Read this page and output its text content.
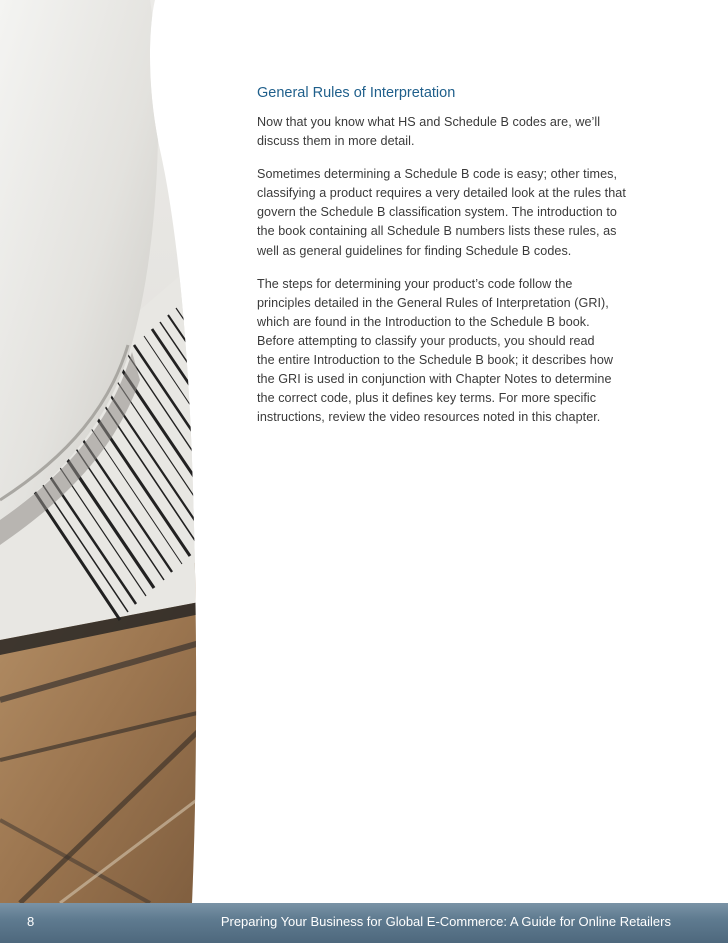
General Rules of Interpretation

Now that you know what HS and Schedule B codes are, we’ll
discuss them in more detail.

Sometimes determining a Schedule B code is easy; other times,
classifying a product requires a very detailed look at the rules that
govern the Schedule B classification system. The introduction to
the book containing all Schedule B numbers lists these rules, as
well as general guidelines for finding Schedule B codes.

The steps for determining your product’s code follow the
principles detailed in the General Rules of Interpretation (GRI),
which are found in the Introduction to the Schedule B book.
Before attempting to classify your products, you should read
the entire Introduction to the Schedule B book; it describes how
the GRI is used in conjunction with Chapter Notes to determine
the correct code, plus it defines key terms. For more specific
instructions, review the video resources noted in this chapter.

8	Preparing Your Business for Global E-Commerce: A Guide for Online Retailers
